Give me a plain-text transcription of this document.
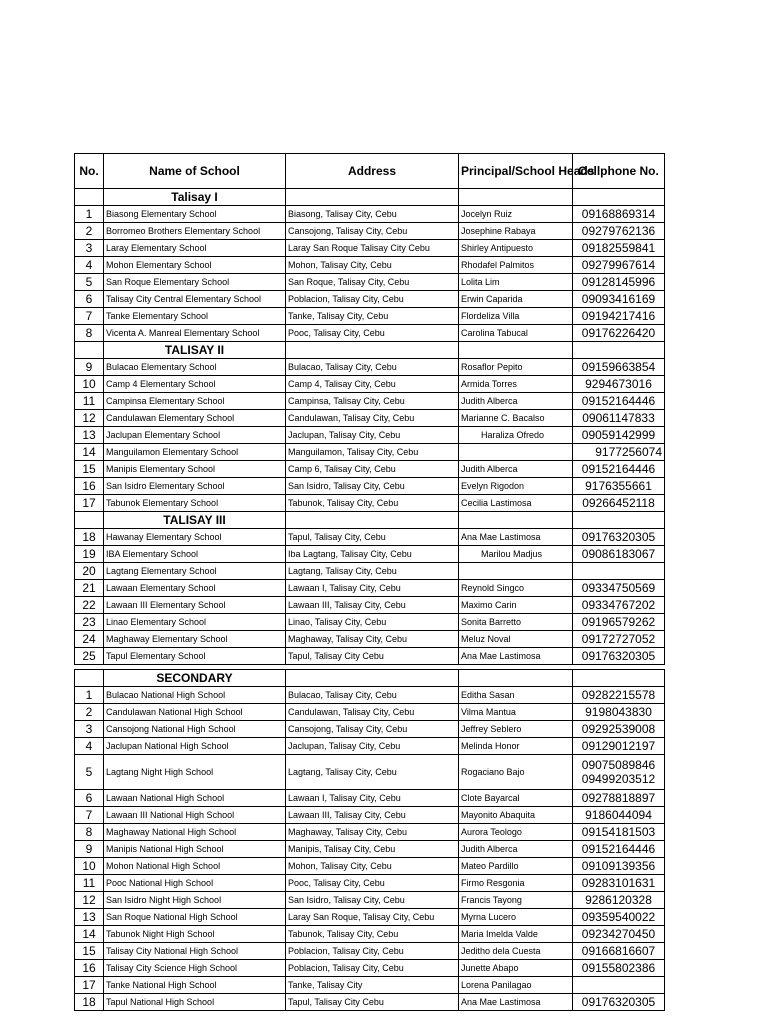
No.	Name of School	Address	Principal/School Heads	Cellphone No.
	Talisay I			
1	Biasong Elementary School	Biasong, Talisay City, Cebu	Jocelyn Ruiz	09168869314
2	Borromeo Brothers Elementary School	Cansojong, Talisay City, Cebu	Josephine Rabaya	09279762136
3	Laray Elementary School	Laray San Roque Talisay City Cebu	Shirley Antipuesto	09182559841
4	Mohon Elementary School	Mohon, Talisay City, Cebu	Rhodafel Palmitos	09279967614
5	San Roque Elementary School	San Roque, Talisay City, Cebu	Lolita Lim	09128145996
6	Talisay City Central Elementary School	Poblacion, Talisay City, Cebu	Erwin Caparida	09093416169
7	Tanke Elementary School	Tanke, Talisay City, Cebu	Flordeliza Villa	09194217416
8	Vicenta A. Manreal Elementary School	Pooc, Talisay City, Cebu	Carolina Tabucal	09176226420
	TALISAY II			
9	Bulacao Elementary School	Bulacao, Talisay City, Cebu	Rosaflor Pepito	09159663854
10	Camp 4 Elementary School	Camp 4, Talisay City, Cebu	Armida Torres	9294673016
11	Campinsa Elementary School	Campinsa, Talisay City, Cebu	Judith Alberca	09152164446
12	Candulawan Elementary School	Candulawan, Talisay City, Cebu	Marianne C. Bacalso	09061147833
13	Jaclupan Elementary School	Jaclupan, Talisay City, Cebu	Haraliza Ofredo	09059142999
14	Manguilamon Elementary School	Manguilamon, Talisay City, Cebu		9177256074
15	Manipis Elementary School	Camp 6, Talisay City, Cebu	Judith Alberca	09152164446
16	San Isidro Elementary School	San Isidro, Talisay City, Cebu	Evelyn Rigodon	9176355661
17	Tabunok Elementary School	Tabunok, Talisay City, Cebu	Cecilia Lastimosa	09266452118
	TALISAY III			
18	Hawanay Elementary School	Tapul, Talisay City, Cebu	Ana Mae Lastimosa	09176320305
19	IBA Elementary School	Iba Lagtang, Talisay City, Cebu	Marilou Madjus	09086183067
20	Lagtang Elementary School	Lagtang, Talisay City, Cebu		
21	Lawaan Elementary School	Lawaan I, Talisay City, Cebu	Reynold Singco	09334750569
22	Lawaan III Elementary School	Lawaan III, Talisay City, Cebu	Maximo Carin	09334767202
23	Linao Elementary School	Linao, Talisay City, Cebu	Sonita Barretto	09196579262
24	Maghaway Elementary School	Maghaway, Talisay City, Cebu	Meluz Noval	09172727052
25	Tapul Elementary School	Tapul, Talisay City Cebu	Ana Mae Lastimosa	09176320305

	SECONDARY			
1	Bulacao National High School	Bulacao, Talisay City, Cebu	Editha Sasan	09282215578
2	Candulawan National High School	Candulawan, Talisay City, Cebu	Vilma Mantua	9198043830
3	Cansojong National High School	Cansojong, Talisay City, Cebu	Jeffrey Seblero	09292539008
4	Jaclupan National High School	Jaclupan, Talisay City, Cebu	Melinda Honor	09129012197
5	Lagtang Night High School	Lagtang, Talisay City, Cebu	Rogaciano Bajo	09075089846
09499203512

6	Lawaan National High School	Lawaan I, Talisay City, Cebu	Clote Bayarcal	09278818897
7	Lawaan III National High School	Lawaan III, Talisay City, Cebu	Mayonito Abaquita	9186044094
8	Maghaway National High School	Maghaway, Talisay City, Cebu	Aurora Teologo	09154181503
9	Manipis National High School	Manipis, Talisay City, Cebu	Judith Alberca	09152164446
10	Mohon National High School	Mohon, Talisay City, Cebu	Mateo Pardillo	09109139356
11	Pooc National High School	Pooc, Talisay City, Cebu	Firmo Resgonia	09283101631
12	San Isidro Night High School	San Isidro, Talisay City, Cebu	Francis Tayong	9286120328
13	San Roque National High School	Laray San Roque, Talisay City, Cebu	Myrna Lucero	09359540022
14	Tabunok Night High School	Tabunok, Talisay City, Cebu	Maria Imelda Valde	09234270450
15	Talisay City National High School	Poblacion, Talisay City, Cebu	Jeditho dela Cuesta	09166816607
16	Talisay City Science High School	Poblacion, Talisay City, Cebu	Junette Abapo	09155802386
17	Tanke National High School	Tanke, Talisay City	Lorena Panilagao	
18	Tapul National High School	Tapul, Talisay City Cebu	Ana Mae Lastimosa	09176320305
